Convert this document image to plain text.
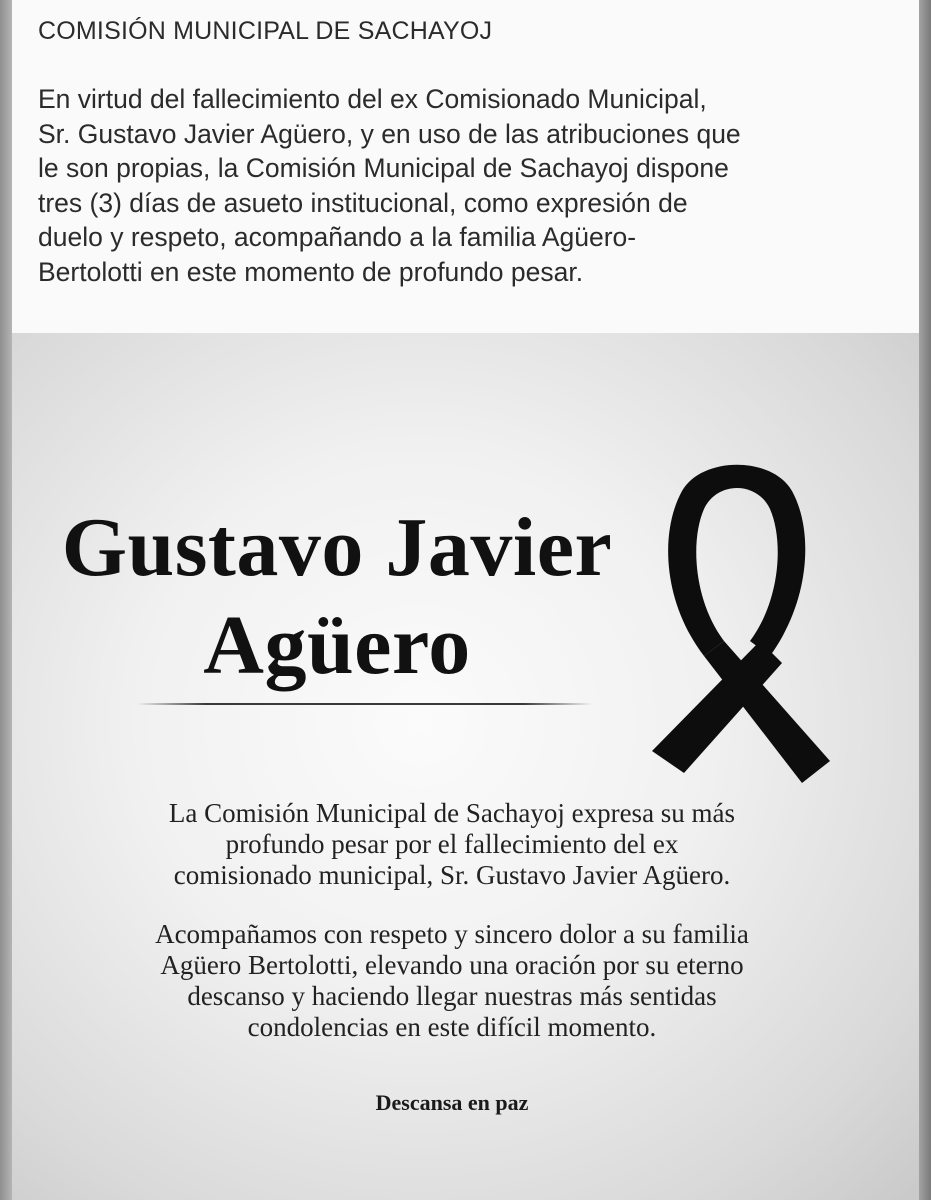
COMISIÓN MUNICIPAL DE SACHAYOJ
En virtud del fallecimiento del ex Comisionado Municipal,
Sr. Gustavo Javier Agüero, y en uso de las atribuciones que
le son propias, la Comisión Municipal de Sachayoj dispone
tres (3) días de asueto institucional, como expresión de
duelo y respeto, acompañando a la familia Agüero-
Bertolotti en este momento de profundo pesar.
Gustavo Javier
Agüero

La Comisión Municipal de Sachayoj expresa su más
profundo pesar por el fallecimiento del ex
comisionado municipal, Sr. Gustavo Javier Agüero.

Acompañamos con respeto y sincero dolor a su familia
Agüero Bertolotti, elevando una oración por su eterno
descanso y haciendo llegar nuestras más sentidas
condolencias en este difícil momento.

Descansa en paz
